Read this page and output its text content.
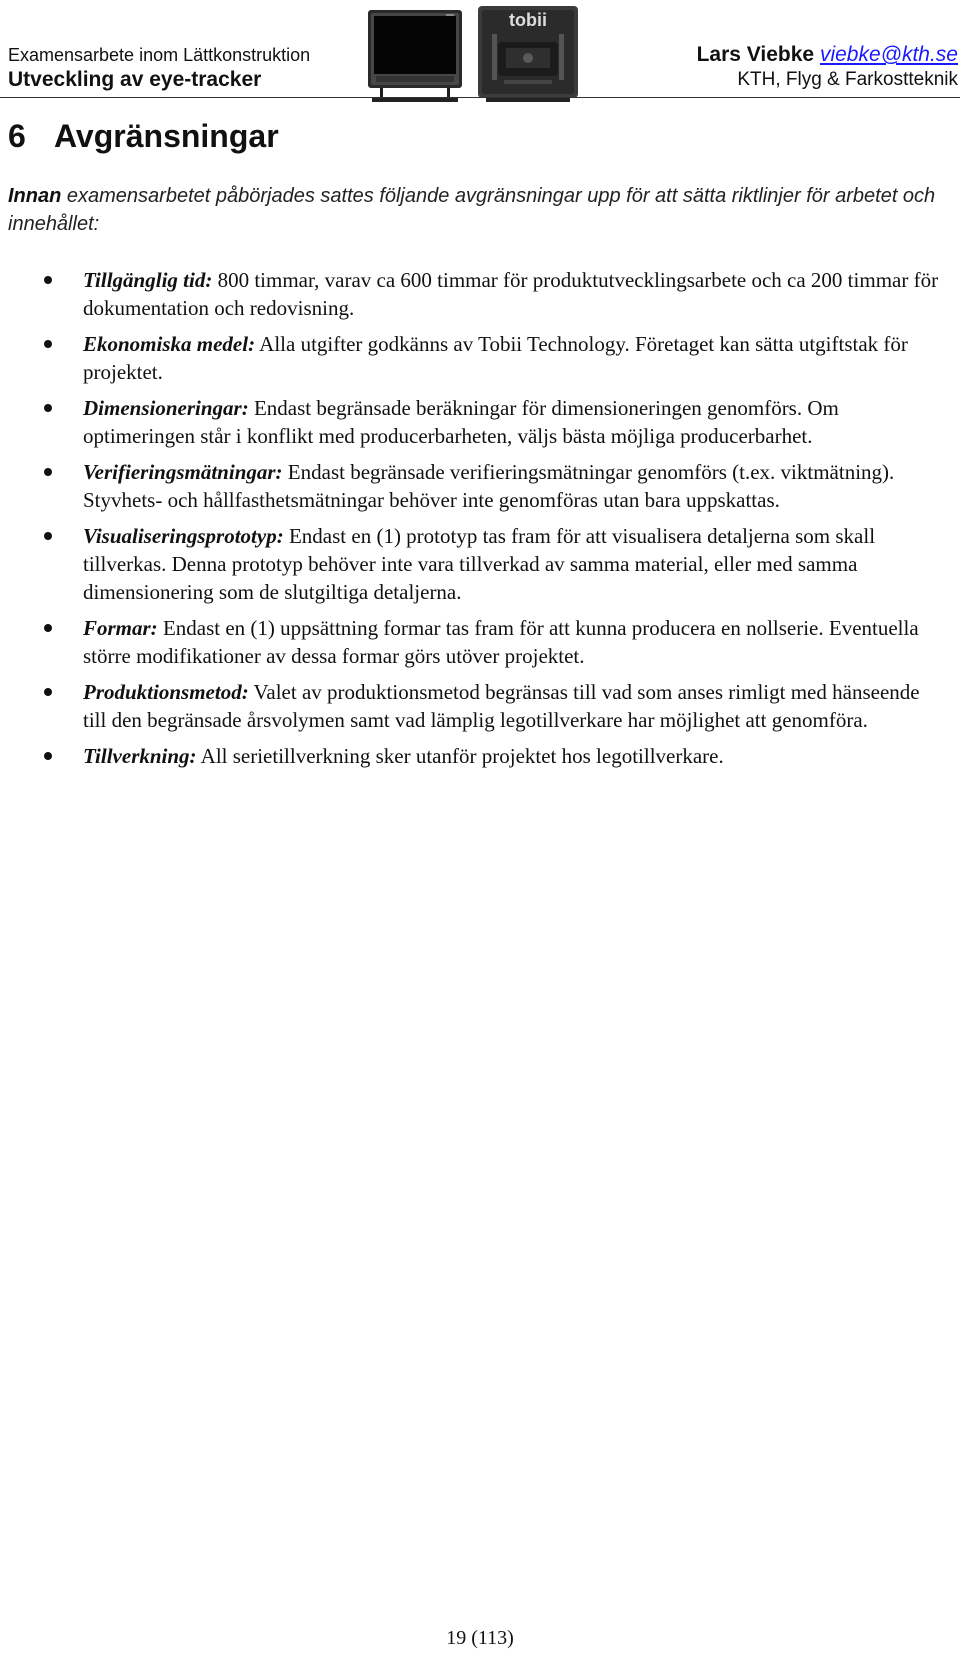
Examensarbete inom Lättkonstruktion
Utveckling av eye-tracker
Lars Viebke viebke@kth.se
KTH, Flyg & Farkostteknik
tobii
6 Avgränsningar

Innan examensarbetet påbörjades sattes följande avgränsningar upp för att sätta riktlinjer för arbetet och innehållet:

Tillgänglig tid: 800 timmar, varav ca 600 timmar för produktutvecklingsarbete och ca 200 timmar för dokumentation och redovisning.
Ekonomiska medel: Alla utgifter godkänns av Tobii Technology. Företaget kan sätta utgiftstak för projektet.
Dimensioneringar: Endast begränsade beräkningar för dimensioneringen genomförs. Om optimeringen står i konflikt med producerbarheten, väljs bästa möjliga producerbarhet.
Verifieringsmätningar: Endast begränsade verifieringsmätningar genomförs (t.ex. viktmätning). Styvhets- och hållfasthetsmätningar behöver inte genomföras utan bara uppskattas.
Visualiseringsprototyp: Endast en (1) prototyp tas fram för att visualisera detaljerna som skall tillverkas. Denna prototyp behöver inte vara tillverkad av samma material, eller med samma dimensionering som de slutgiltiga detaljerna.
Formar: Endast en (1) uppsättning formar tas fram för att kunna producera en nollserie. Eventuella större modifikationer av dessa formar görs utöver projektet.
Produktionsmetod: Valet av produktionsmetod begränsas till vad som anses rimligt med hänseende till den begränsade årsvolymen samt vad lämplig legotillverkare har möjlighet att genomföra.
Tillverkning: All serietillverkning sker utanför projektet hos legotillverkare.
19 (113)
